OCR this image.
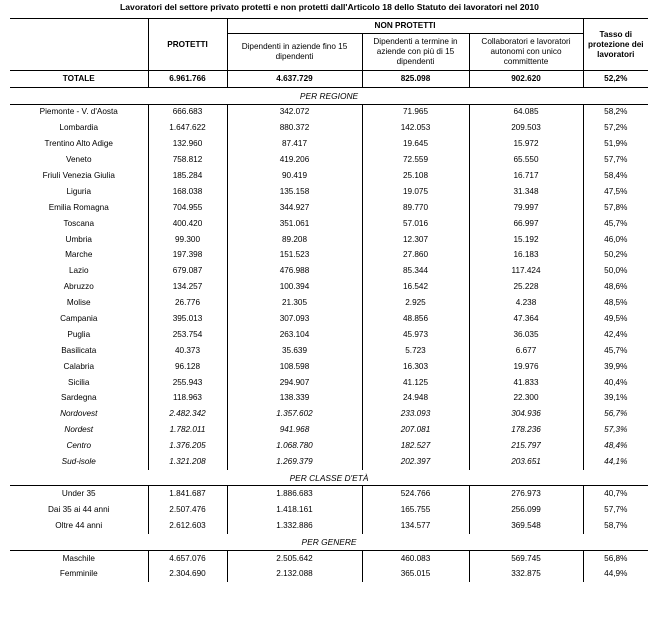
Lavoratori del settore privato protetti e non protetti dall'Articolo 18 dello Statuto dei lavoratori nel 2010
	PROTETTI	NON PROTETTI			Tasso di protezione dei lavoratori
		Dipendenti in aziende fino 15 dipendenti	Dipendenti a termine in aziende con più di 15 dipendenti	Collaboratori e lavoratori autonomi con unico committente	
TOTALE	6.961.766	4.637.729	825.098	902.620	52,2%
PER REGIONE					
Piemonte - V. d'Aosta	666.683	342.072	71.965	64.085	58,2%
Lombardia	1.647.622	880.372	142.053	209.503	57,2%
Trentino Alto Adige	132.960	87.417	19.645	15.972	51,9%
Veneto	758.812	419.206	72.559	65.550	57,7%
Friuli Venezia Giulia	185.284	90.419	25.108	16.717	58,4%
Liguria	168.038	135.158	19.075	31.348	47,5%
Emilia Romagna	704.955	344.927	89.770	79.997	57,8%
Toscana	400.420	351.061	57.016	66.997	45,7%
Umbria	99.300	89.208	12.307	15.192	46,0%
Marche	197.398	151.523	27.860	16.183	50,2%
Lazio	679.087	476.988	85.344	117.424	50,0%
Abruzzo	134.257	100.394	16.542	25.228	48,6%
Molise	26.776	21.305	2.925	4.238	48,5%
Campania	395.013	307.093	48.856	47.364	49,5%
Puglia	253.754	263.104	45.973	36.035	42,4%
Basilicata	40.373	35.639	5.723	6.677	45,7%
Calabria	96.128	108.598	16.303	19.976	39,9%
Sicilia	255.943	294.907	41.125	41.833	40,4%
Sardegna	118.963	138.339	24.948	22.300	39,1%
Nordovest	2.482.342	1.357.602	233.093	304.936	56,7%
Nordest	1.782.011	941.968	207.081	178.236	57,3%
Centro	1.376.205	1.068.780	182.527	215.797	48,4%
Sud-isole	1.321.208	1.269.379	202.397	203.651	44,1%
PER CLASSE D'ETÀ					
Under 35	1.841.687	1.886.683	524.766	276.973	40,7%
Dai 35 ai 44 anni	2.507.476	1.418.161	165.755	256.099	57,7%
Oltre 44 anni	2.612.603	1.332.886	134.577	369.548	58,7%
PER GENERE					
Maschile	4.657.076	2.505.642	460.083	569.745	56,8%
Femminile	2.304.690	2.132.088	365.015	332.875	44,9%
